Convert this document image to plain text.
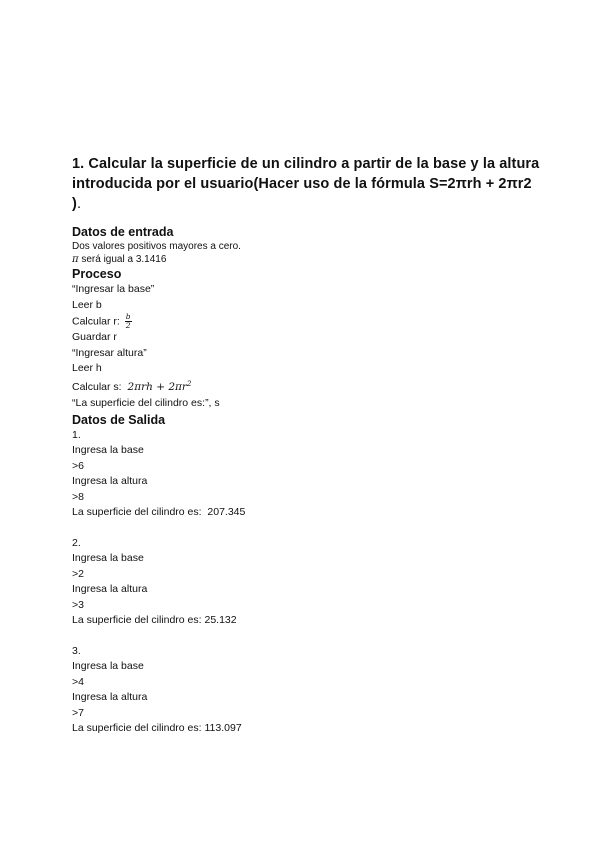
1. Calcular la superficie de un cilindro a partir de la base y la altura introducida por el usuario(Hacer uso de la fórmula S=2πrh + 2πr2 ).

Datos de entrada

Dos valores positivos mayores a cero.

π será igual a 3.1416

Proceso

“Ingresar la base”

Leer b

Calcular r: $\frac{b}{2}$

Guardar r

“Ingresar altura”

Leer h

Calcular s: $2\pi rh + 2\pi r^2$

“La superficie del cilindro es:”, s

Datos de Salida

1.

Ingresa la base

>6

Ingresa la altura

>8

La superficie del cilindro es:  207.345

2.

Ingresa la base

>2

Ingresa la altura

>3

La superficie del cilindro es: 25.132

3.

Ingresa la base

>4

Ingresa la altura

>7

La superficie del cilindro es: 113.097
